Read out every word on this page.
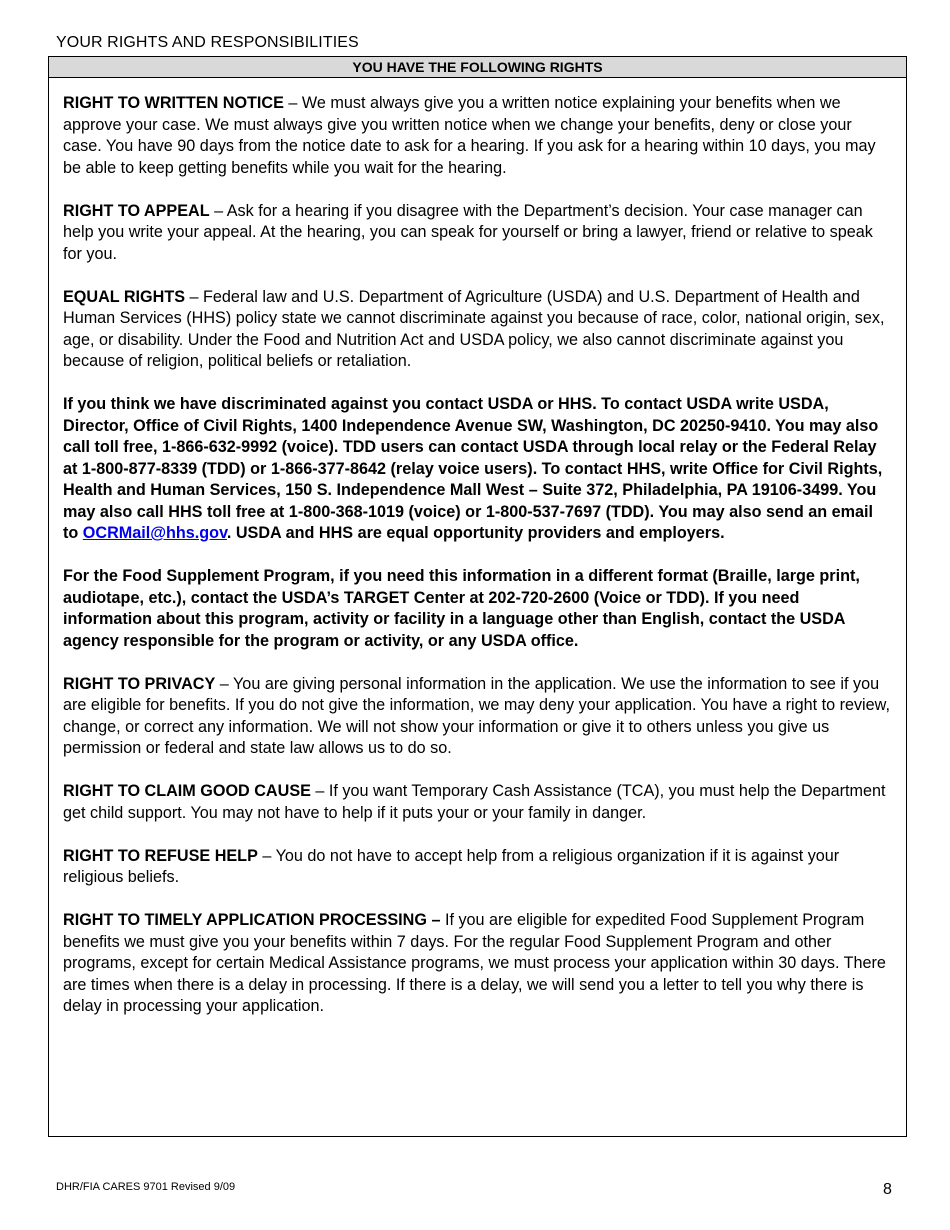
YOUR RIGHTS AND RESPONSIBILITIES
YOU HAVE THE FOLLOWING RIGHTS

RIGHT TO WRITTEN NOTICE – We must always give you a written notice explaining your benefits when we approve your case. We must always give you written notice when we change your benefits, deny or close your case. You have 90 days from the notice date to ask for a hearing. If you ask for a hearing within 10 days, you may be able to keep getting benefits while you wait for the hearing.

RIGHT TO APPEAL – Ask for a hearing if you disagree with the Department’s decision. Your case manager can help you write your appeal. At the hearing, you can speak for yourself or bring a lawyer, friend or relative to speak for you.

EQUAL RIGHTS – Federal law and U.S. Department of Agriculture (USDA) and U.S. Department of Health and Human Services (HHS) policy state we cannot discriminate against you because of race, color, national origin, sex, age, or disability. Under the Food and Nutrition Act and USDA policy, we also cannot discriminate against you because of religion, political beliefs or retaliation.

If you think we have discriminated against you contact USDA or HHS. To contact USDA write USDA, Director, Office of Civil Rights, 1400 Independence Avenue SW, Washington, DC 20250-9410. You may also call toll free, 1-866-632-9992 (voice). TDD users can contact USDA through local relay or the Federal Relay at 1-800-877-8339 (TDD) or 1-866-377-8642 (relay voice users). To contact HHS, write Office for Civil Rights, Health and Human Services, 150 S. Independence Mall West – Suite 372, Philadelphia, PA 19106-3499. You may also call HHS toll free at 1-800-368-1019 (voice) or 1-800-537-7697 (TDD). You may also send an email to OCRMail@hhs.gov. USDA and HHS are equal opportunity providers and employers.

For the Food Supplement Program, if you need this information in a different format (Braille, large print, audiotape, etc.), contact the USDA’s TARGET Center at 202-720-2600 (Voice or TDD). If you need information about this program, activity or facility in a language other than English, contact the USDA agency responsible for the program or activity, or any USDA office.

RIGHT TO PRIVACY – You are giving personal information in the application. We use the information to see if you are eligible for benefits. If you do not give the information, we may deny your application. You have a right to review, change, or correct any information. We will not show your information or give it to others unless you give us permission or federal and state law allows us to do so.

RIGHT TO CLAIM GOOD CAUSE – If you want Temporary Cash Assistance (TCA), you must help the Department get child support. You may not have to help if it puts your or your family in danger.

RIGHT TO REFUSE HELP – You do not have to accept help from a religious organization if it is against your religious beliefs.

RIGHT TO TIMELY APPLICATION PROCESSING – If you are eligible for expedited Food Supplement Program benefits we must give you your benefits within 7 days. For the regular Food Supplement Program and other programs, except for certain Medical Assistance programs, we must process your application within 30 days. There are times when there is a delay in processing. If there is a delay, we will send you a letter to tell you why there is delay in processing your application.

DHR/FIA CARES 9701 Revised 9/09	8
